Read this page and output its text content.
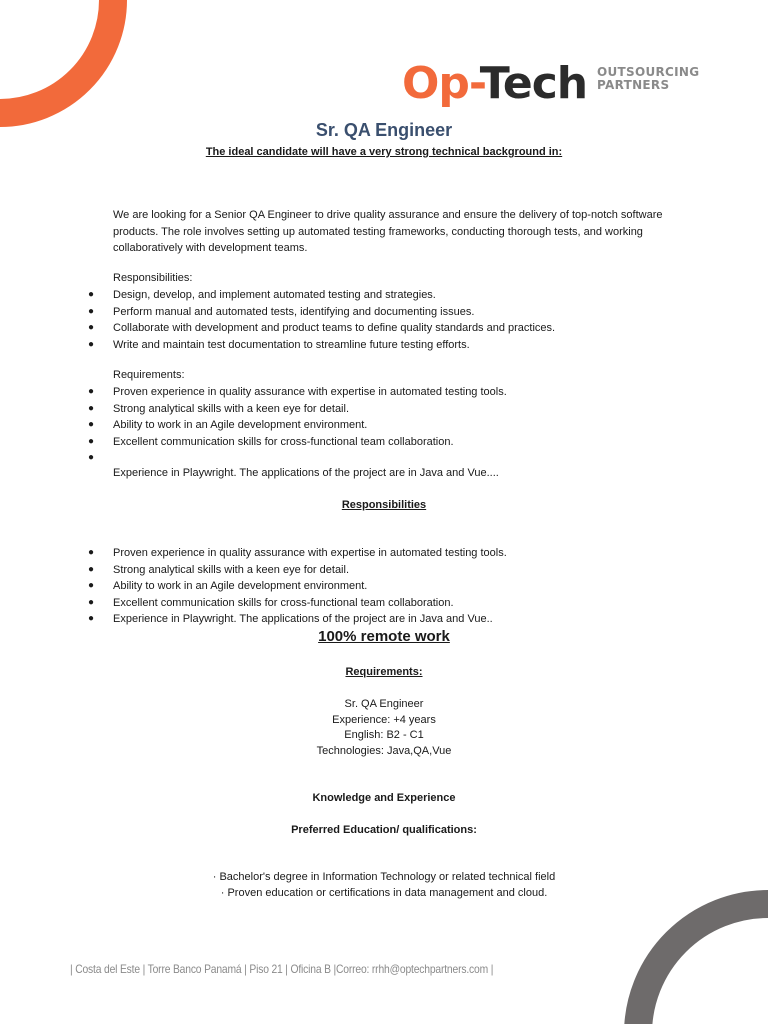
Op-Tech OUTSOURCING
PARTNERS
Sr. QA Engineer

The ideal candidate will have a very strong technical background in:

We are looking for a Senior QA Engineer to drive quality assurance and ensure the delivery of top-notch software products. The role involves setting up automated testing frameworks, conducting thorough tests, and working collaboratively with development teams.

Responsibilities:

● Design, develop, and implement automated testing and strategies.
● Perform manual and automated tests, identifying and documenting issues.
● Collaborate with development and product teams to define quality standards and practices.
● Write and maintain test documentation to streamline future testing efforts.

Requirements:

● Proven experience in quality assurance with expertise in automated testing tools.
● Strong analytical skills with a keen eye for detail.
● Ability to work in an Agile development environment.
● Excellent communication skills for cross-functional team collaboration.
●

Experience in Playwright. The applications of the project are in Java and Vue....

Responsibilities

● Proven experience in quality assurance with expertise in automated testing tools.
● Strong analytical skills with a keen eye for detail.
● Ability to work in an Agile development environment.
● Excellent communication skills for cross-functional team collaboration.
● Experience in Playwright. The applications of the project are in Java and Vue..

100% remote work

Requirements:

Sr. QA Engineer

Experience: +4 years

English: B2 - C1

Technologies: Java,QA,Vue

Knowledge and Experience

Preferred Education/ qualifications:

· Bachelor's degree in Information Technology or related technical field

· Proven education or certifications in data management and cloud.

| Costa del Este | Torre Banco Panamá | Piso 21 | Oficina B |Correo: rrhh@optechpartners.com |
